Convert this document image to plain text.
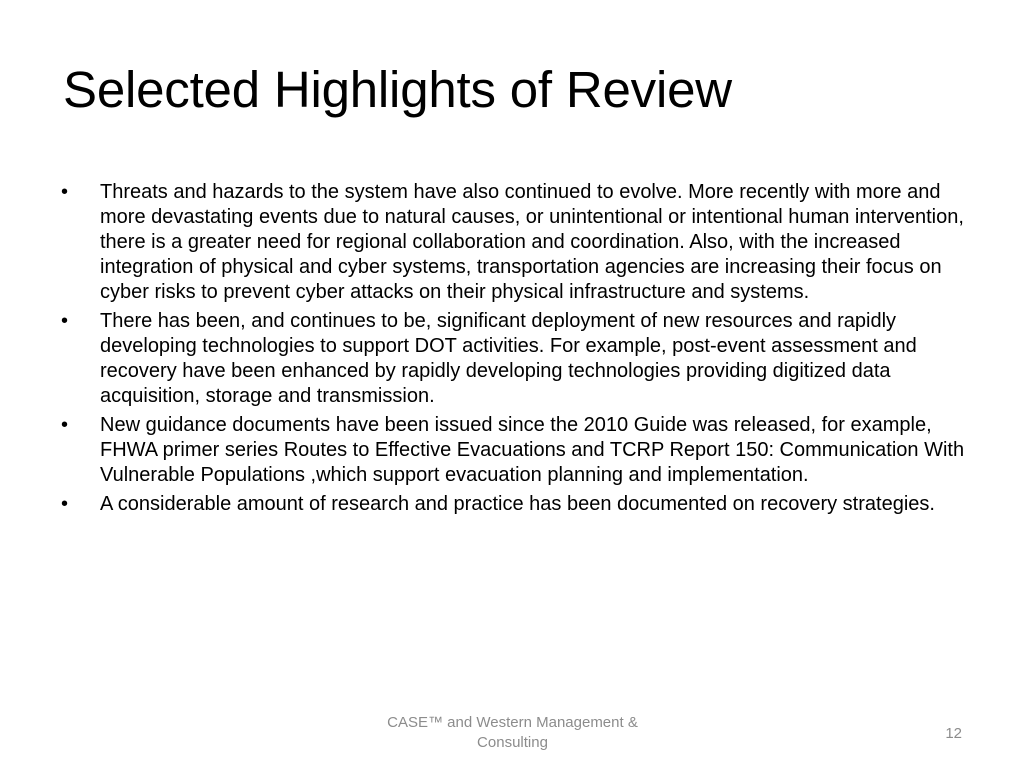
Selected Highlights of Review
• Threats and hazards to the system have also continued to evolve. More recently with more and more devastating events due to natural causes, or unintentional or intentional human intervention, there is a greater need for regional collaboration and coordination. Also, with the increased integration of physical and cyber systems, transportation agencies are increasing their focus on cyber risks to prevent cyber attacks on their physical infrastructure and systems.
• There has been, and continues to be, significant deployment of new resources and rapidly developing technologies to support DOT activities. For example, post-event assessment and recovery have been enhanced by rapidly developing technologies providing digitized data acquisition, storage and transmission.
• New guidance documents have been issued since the 2010 Guide was released, for example, FHWA primer series Routes to Effective Evacuations and TCRP Report 150: Communication With Vulnerable Populations ,which support evacuation planning and implementation.
• A considerable amount of research and practice has been documented on recovery strategies.
CASE™ and Western Management & Consulting
12
